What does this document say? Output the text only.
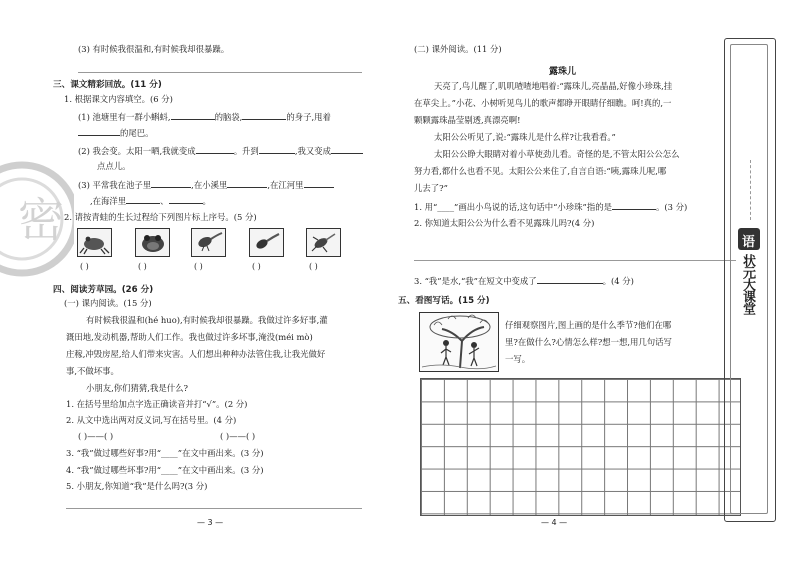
(3) 有时候我很温和,有时候我却很暴躁。
三、课文精彩回放。(11 分)
1. 根据课文内容填空。(6 分)
(1) 池塘里有一群小蝌蚪,	的脑袋,	的身子,甩着
的尾巴。
(2) 我会变。太阳一晒,我就变成	。升到	,我又变成
点点儿。
(3) 平常我在池子里	,在小溪里	,在江河里
,在海洋里	、	。
2. 请按青蛙的生长过程给下列图片标上序号。(5 分)
( )	( )	( )	( )	( )
四、阅读芳草园。(26 分)
(一) 课内阅读。(15 分)
有时候我很温和(hé huo),有时候我却很暴躁。我做过许多好事,灌
溉田地,发动机器,帮助人们工作。我也做过许多坏事,淹没(méi mò)
庄稼,冲毁房屋,给人们带来灾害。人们想出种种办法管住我,让我光做好
事,不做坏事。
小朋友,你们猜猜,我是什么?
1. 在括号里给加点字选正确读音并打“√”。(2 分)
2. 从文中选出两对反义词,写在括号里。(4 分)
( )——( )	( )——( )
3. “我”做过哪些好事?用“____”在文中画出来。(3 分)
4. “我”做过哪些坏事?用“____”在文中画出来。(3 分)
5. 小朋友,你知道“我”是什么吗?(3 分)
— 3 —
密
(二) 课外阅读。(11 分)
露珠儿
天亮了,鸟儿醒了,叽叽喳喳地唱着:“露珠儿,亮晶晶,好像小珍珠,挂
在草尖上。”小花、小树听见鸟儿的歌声都睁开眼睛仔细瞧。呵!真的,一
颗颗露珠晶莹剔透,真漂亮啊!
太阳公公听见了,说:“露珠儿是什么样?让我看看。”
太阳公公睁大眼睛对着小草使劲儿看。奇怪的是,不管太阳公公怎么
努力看,都什么也看不见。太阳公公来住了,自言自语:“咦,露珠儿呢,哪
儿去了?”
1. 用“____”画出小鸟说的话,这句话中“小珍珠”指的是	。(3 分)
2. 你知道太阳公公为什么看不见露珠儿吗?(4 分)
3. “我”是水,“我”在短文中变成了	。(4 分)
五、看图写话。(15 分)
仔细观察图片,图上画的是什么季节?他们在哪
里?在做什么?心情怎么样?想一想,用几句话写
一写。
— 4 —
语
状元大课堂
